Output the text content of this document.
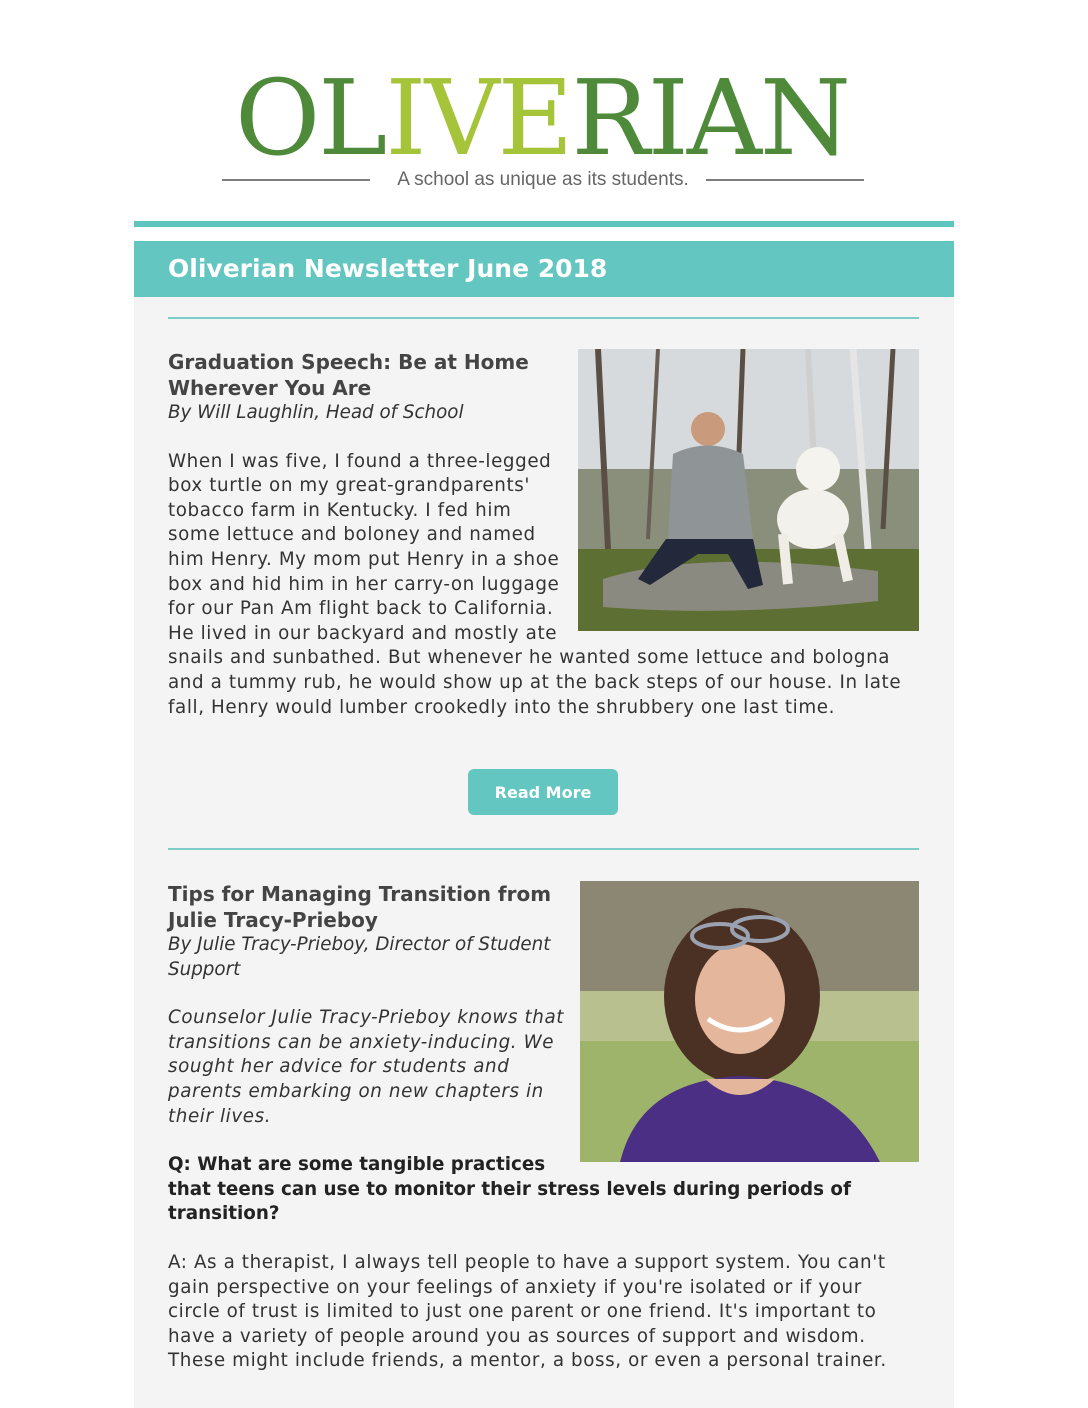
OLIVERIAN
A school as unique as its students.
Oliverian Newsletter June 2018
Graduation Speech: Be at Home Wherever You Are
By Will Laughlin, Head of School

When I was five, I found a three-legged box turtle on my great-grandparents' tobacco farm in Kentucky. I fed him some lettuce and boloney and named him Henry. My mom put Henry in a shoe box and hid him in her carry-on luggage for our Pan Am flight back to California. He lived in our backyard and mostly ate snails and sunbathed. But whenever he wanted some lettuce and bologna and a tummy rub, he would show up at the back steps of our house. In late fall, Henry would lumber crookedly into the shrubbery one last time.

Read More
Tips for Managing Transition from Julie Tracy-Prieboy
By Julie Tracy-Prieboy, Director of Student Support

Counselor Julie Tracy-Prieboy knows that transitions can be anxiety-inducing. We sought her advice for students and parents embarking on new chapters in their lives.

Q: What are some tangible practices that teens can use to monitor their stress levels during periods of transition?

A: As a therapist, I always tell people to have a support system. You can't gain perspective on your feelings of anxiety if you're isolated or if your circle of trust is limited to just one parent or one friend. It's important to have a variety of people around you as sources of support and wisdom. These might include friends, a mentor, a boss, or even a personal trainer.
